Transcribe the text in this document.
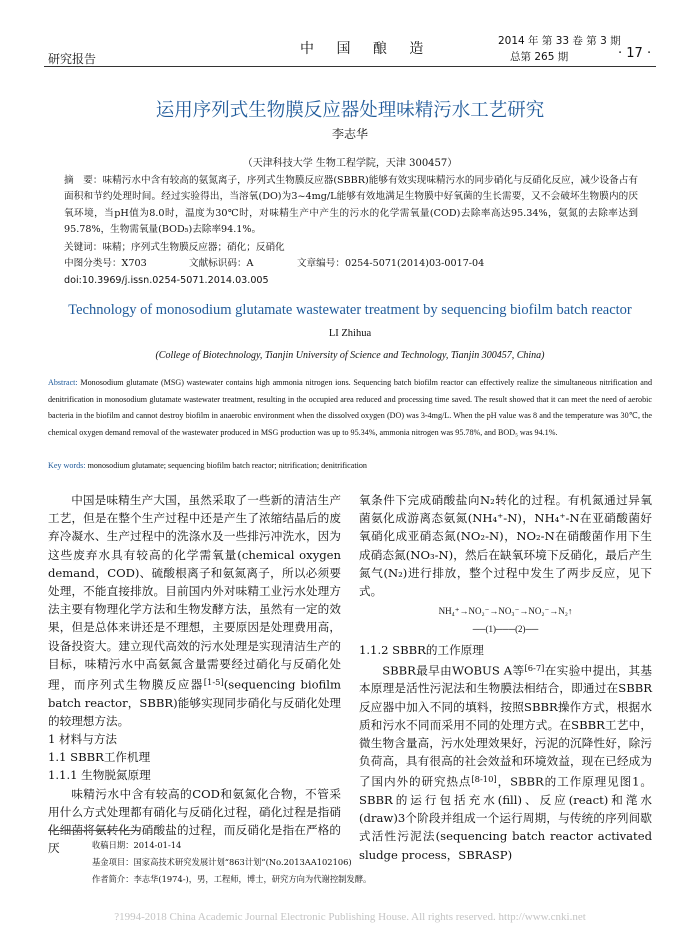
研究报告
中 国 酿 造	2014 年 第 33 卷 第 3 期
总第 265 期	· 17 ·
运用序列式生物膜反应器处理味精污水工艺研究
李志华
（天津科技大学 生物工程学院，天津 300457）
摘　要：味精污水中含有较高的氨氮离子，序列式生物膜反应器(SBBR)能够有效实现味精污水的同步硝化与反硝化反应，减少设备占有面积和节约处理时间。经过实验得出，当溶氧(DO)为3~4mg/L能够有效地满足生物膜中好氧菌的生长需要，又不会破坏生物膜内的厌氧环境，当pH值为8.0时，温度为30℃时，对味精生产中产生的污水的化学需氧量(COD)去除率高达95.34%，氨氮的去除率达到95.78%，生物需氧量(BOD₅)去除率94.1%。
关键词：味精；序列式生物膜反应器；硝化；反硝化
中图分类号：X703	文献标识码：A	文章编号：0254-5071(2014)03-0017-04
doi:10.3969/j.issn.0254-5071.2014.03.005
Technology of monosodium glutamate wastewater treatment by sequencing biofilm batch reactor
LI Zhihua
(College of Biotechnology, Tianjin University of Science and Technology, Tianjin 300457, China)
Abstract: Monosodium glutamate (MSG) wastewater contains high ammonia nitrogen ions. Sequencing batch biofilm reactor can effectively realize the simultaneous nitrification and denitrification in monosodium glutamate wastewater treatment, resulting in the occupied area reduced and processing time saved. The result showed that it can meet the need of aerobic bacteria in the biofilm and cannot destroy biofilm in anaerobic environment when the dissolved oxygen (DO) was 3-4mg/L. When the pH value was 8 and the temperature was 30℃, the chemical oxygen demand removal of the wastewater produced in MSG production was up to 95.34%, ammonia nitrogen was 95.78%, and BOD₅ was 94.1%.
Key words: monosodium glutamate; sequencing biofilm batch reactor; nitrification; denitrification

中国是味精生产大国，虽然采取了一些新的清洁生产工艺，但是在整个生产过程中还是产生了浓缩结晶后的废弃冷凝水、生产过程中的洗涤水及一些排污冲洗水，因为这些废弃水具有较高的化学需氧量(chemical oxygen demand，COD)、硫酸根离子和氨氮离子，所以必须要处理，不能直接排放。目前国内外对味精工业污水处理方法主要有物理化学方法和生物发酵方法，虽然有一定的效果，但是总体来讲还是不理想，主要原因是处理费用高，设备投资大。建立现代高效的污水处理是实现清洁生产的目标，味精污水中高氨氮含量需要经过硝化与反硝化处理，而序列式生物膜反应器[1-5](sequencing biofilm batch reactor，SBBR)能够实现同步硝化与反硝化处理的较理想方法。

1 材料与方法

1.1 SBBR工作机理

1.1.1 生物脱氮原理

味精污水中含有较高的COD和氨氮化合物，不管采用什么方式处理都有硝化与反硝化过程，硝化过程是指硝化细菌将氨转化为硝酸盐的过程，而反硝化是指在严格的厌

氧条件下完成硝酸盐向N₂转化的过程。有机氮通过异氧菌氨化成游离态氨氮(NH₄⁺-N)，NH₄⁺-N在亚硝酸菌好氧硝化成亚硝态氮(NO₂-N)，NO₂-N在硝酸菌作用下生成硝态氮(NO₃-N)，然后在缺氧环境下反硝化，最后产生氮气(N₂)进行排放，整个过程中发生了两步反应，见下式。

NH₄⁺→NO₂⁻→NO₃⁻→NO₂⁻→N₂↑

──(1)───(2)──

1.1.2 SBBR的工作原理

SBBR最早由WOBUS A等[6-7]在实验中提出，其基本原理是活性污泥法和生物膜法相结合，即通过在SBBR反应器中加入不同的填料，按照SBBR操作方式，根据水质和污水不同而采用不同的处理方式。在SBBR工艺中，微生物含量高，污水处理效果好，污泥的沉降性好，除污负荷高，具有很高的社会效益和环境效益，现在已经成为了国内外的研究热点[8-10]，SBBR的工作原理见图1。SBBR的运行包括充水(fill)、反应(react)和滗水(draw)3个阶段并组成一个运行周期，与传统的序列间歇式活性污泥法(sequencing batch reactor activated sludge process，SBRASP)

收稿日期：2014-01-14
基金项目：国家高技术研究发展计划“863计划”(No.2013AA102106)
作者简介：李志华(1974-)，男，工程师，博士，研究方向为代谢控制发酵。
?1994-2018 China Academic Journal Electronic Publishing House. All rights reserved. http://www.cnki.net
